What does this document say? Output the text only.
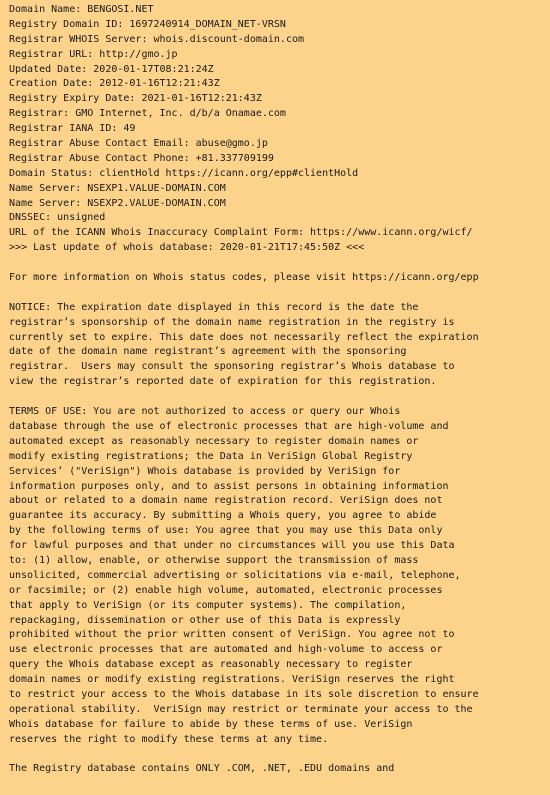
Domain Name: BENGOSI.NET
Registry Domain ID: 1697240914_DOMAIN_NET-VRSN
Registrar WHOIS Server: whois.discount-domain.com
Registrar URL: http://gmo.jp
Updated Date: 2020-01-17T08:21:24Z
Creation Date: 2012-01-16T12:21:43Z
Registry Expiry Date: 2021-01-16T12:21:43Z
Registrar: GMO Internet, Inc. d/b/a Onamae.com
Registrar IANA ID: 49
Registrar Abuse Contact Email: abuse@gmo.jp
Registrar Abuse Contact Phone: +81.337709199
Domain Status: clientHold https://icann.org/epp#clientHold
Name Server: NSEXP1.VALUE-DOMAIN.COM
Name Server: NSEXP2.VALUE-DOMAIN.COM
DNSSEC: unsigned
URL of the ICANN Whois Inaccuracy Complaint Form: https://www.icann.org/wicf/
>>> Last update of whois database: 2020-01-21T17:45:50Z <<<
For more information on Whois status codes, please visit https://icann.org/epp
NOTICE: The expiration date displayed in this record is the date the
registrar’s sponsorship of the domain name registration in the registry is
currently set to expire. This date does not necessarily reflect the expiration
date of the domain name registrant’s agreement with the sponsoring
registrar.  Users may consult the sponsoring registrar’s Whois database to
view the registrar’s reported date of expiration for this registration.
TERMS OF USE: You are not authorized to access or query our Whois
database through the use of electronic processes that are high-volume and
automated except as reasonably necessary to register domain names or
modify existing registrations; the Data in VeriSign Global Registry
Services’ ("VeriSign") Whois database is provided by VeriSign for
information purposes only, and to assist persons in obtaining information
about or related to a domain name registration record. VeriSign does not
guarantee its accuracy. By submitting a Whois query, you agree to abide
by the following terms of use: You agree that you may use this Data only
for lawful purposes and that under no circumstances will you use this Data
to: (1) allow, enable, or otherwise support the transmission of mass
unsolicited, commercial advertising or solicitations via e-mail, telephone,
or facsimile; or (2) enable high volume, automated, electronic processes
that apply to VeriSign (or its computer systems). The compilation,
repackaging, dissemination or other use of this Data is expressly
prohibited without the prior written consent of VeriSign. You agree not to
use electronic processes that are automated and high-volume to access or
query the Whois database except as reasonably necessary to register
domain names or modify existing registrations. VeriSign reserves the right
to restrict your access to the Whois database in its sole discretion to ensure
operational stability.  VeriSign may restrict or terminate your access to the
Whois database for failure to abide by these terms of use. VeriSign
reserves the right to modify these terms at any time.
The Registry database contains ONLY .COM, .NET, .EDU domains and
